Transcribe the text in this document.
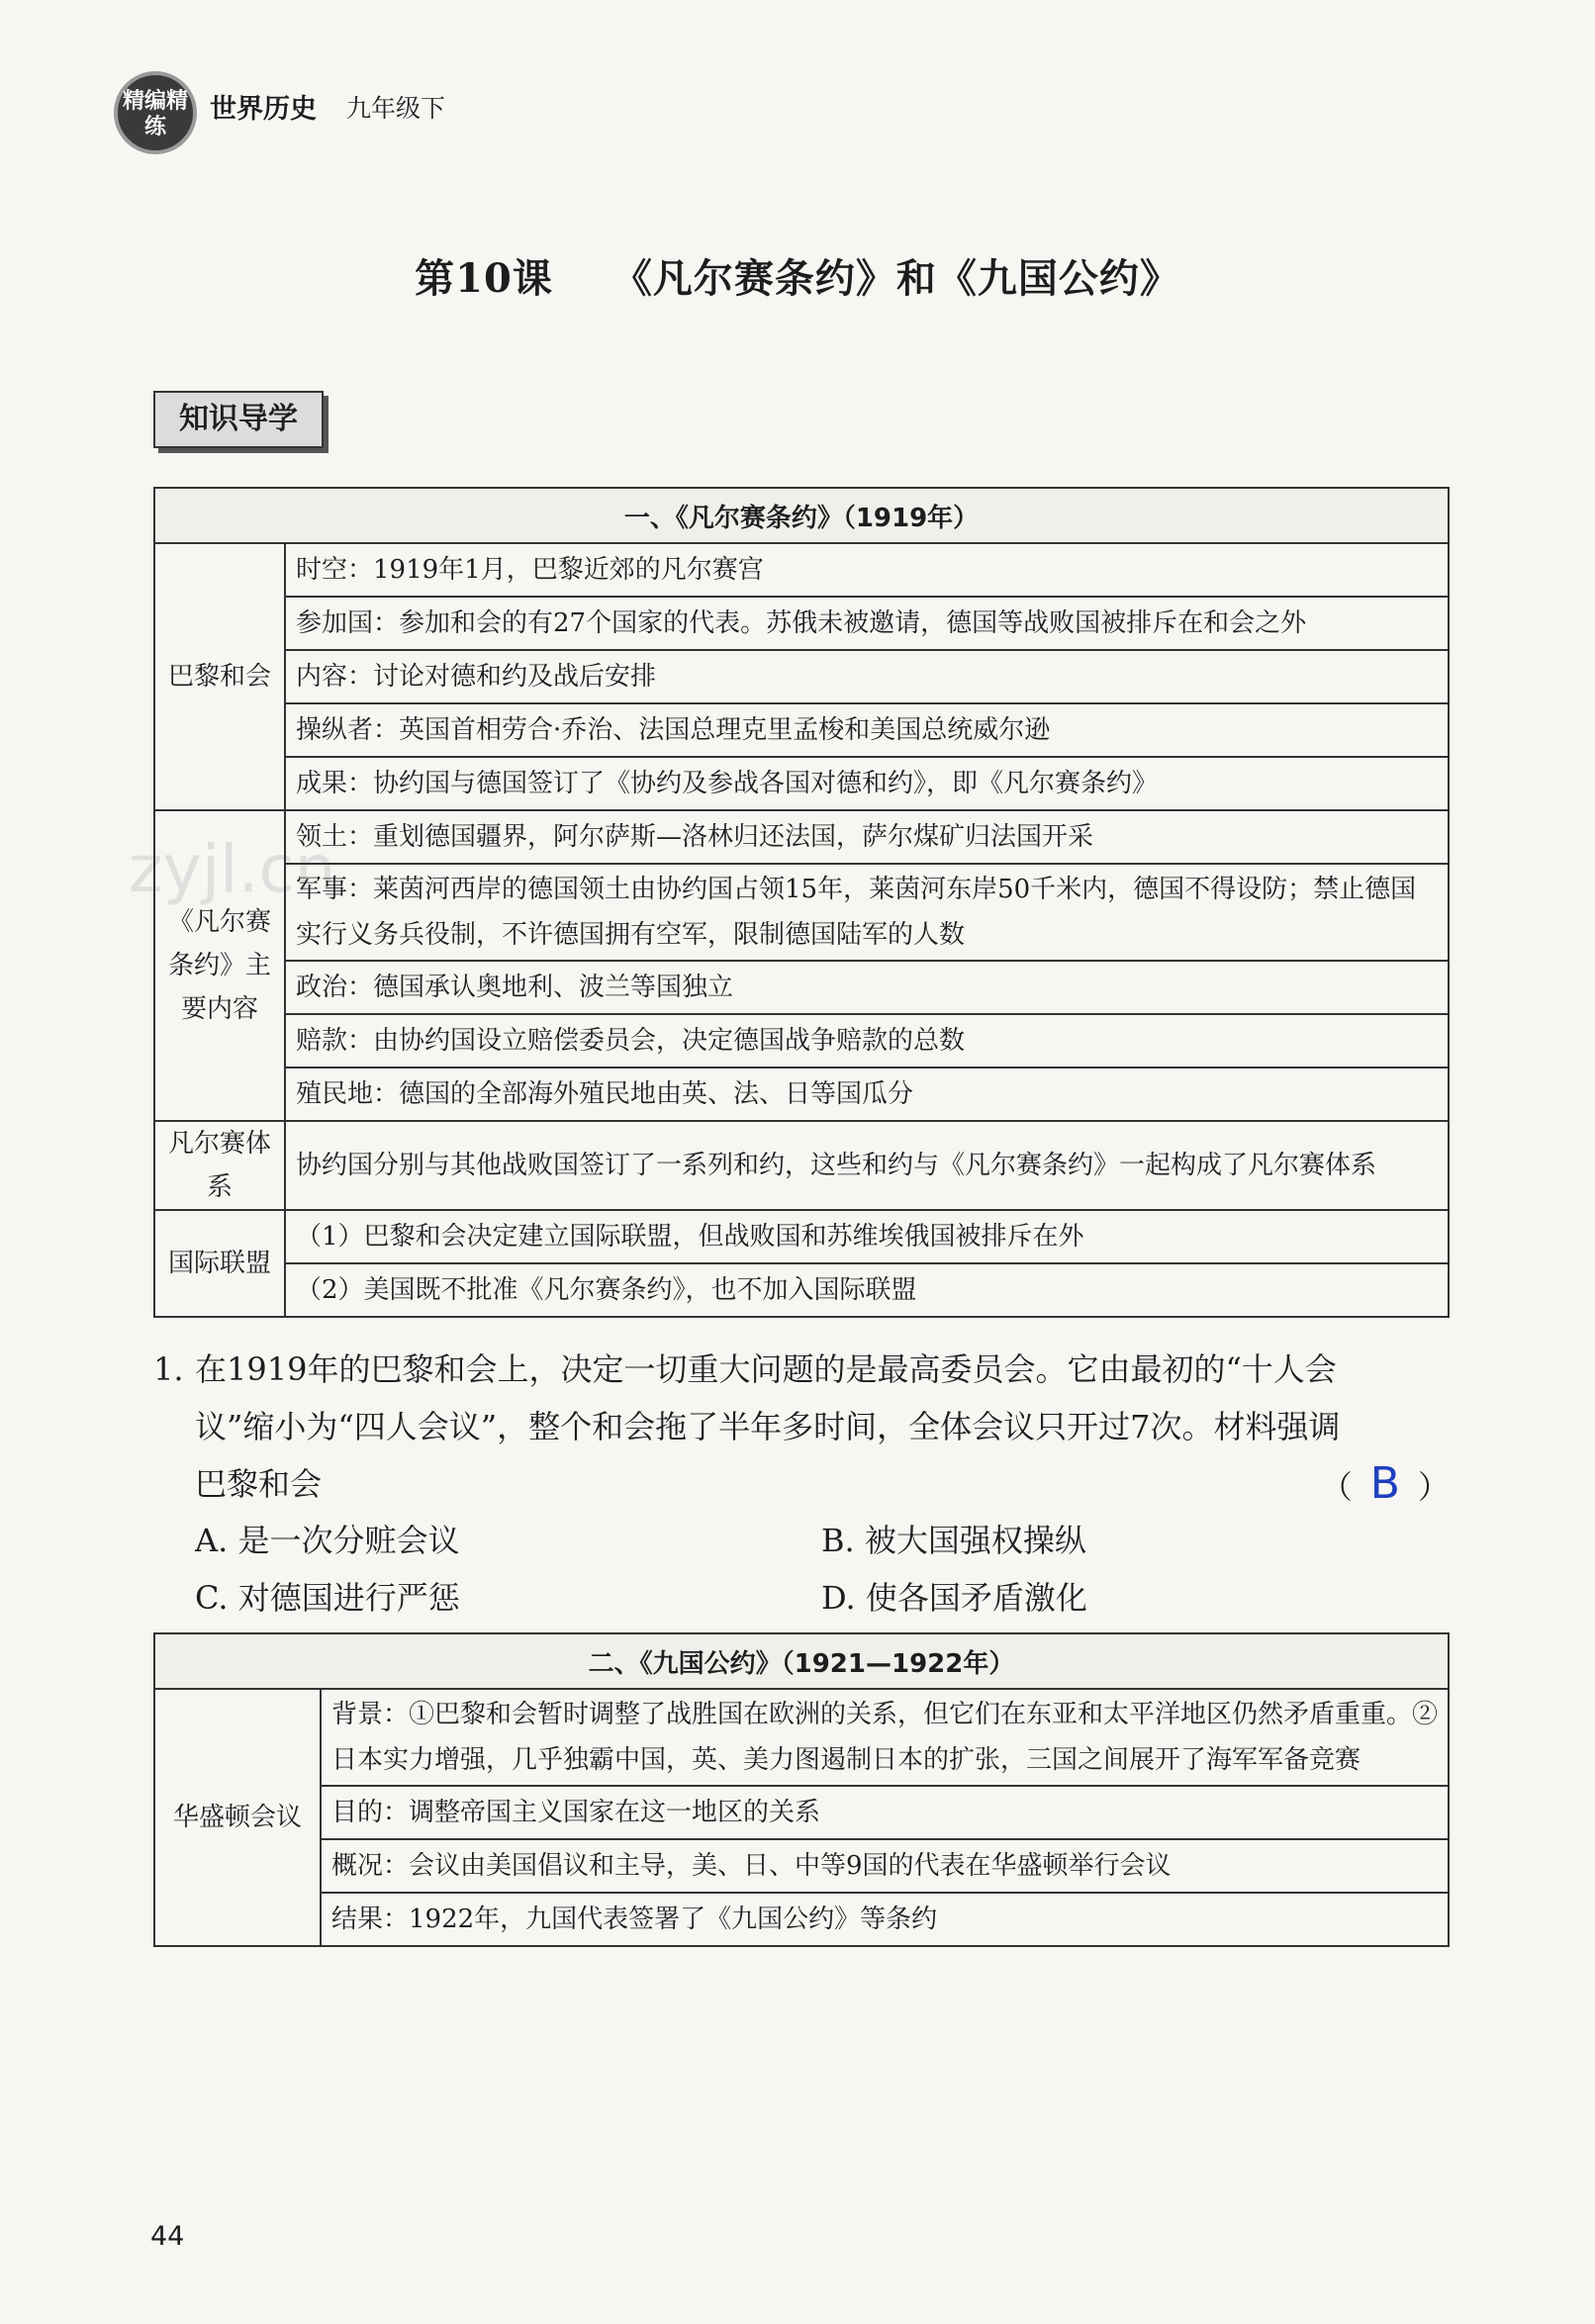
精编精练
世界历史 九年级下
第10课 《凡尔赛条约》和《九国公约》
知识导学
zyjl.cn
一、《凡尔赛条约》（1919年）	
巴黎和会	时空：1919年1月，巴黎近郊的凡尔赛宫
	参加国：参加和会的有27个国家的代表。苏俄未被邀请，德国等战败国被排斥在和会之外
	内容：讨论对德和约及战后安排
	操纵者：英国首相劳合·乔治、法国总理克里孟梭和美国总统威尔逊
	成果：协约国与德国签订了《协约及参战各国对德和约》，即《凡尔赛条约》
《凡尔赛条约》主要内容	领土：重划德国疆界，阿尔萨斯—洛林归还法国，萨尔煤矿归法国开采
	军事：莱茵河西岸的德国领土由协约国占领15年，莱茵河东岸50千米内，德国不得设防；禁止德国实行义务兵役制，不许德国拥有空军，限制德国陆军的人数
	政治：德国承认奥地利、波兰等国独立
	赔款：由协约国设立赔偿委员会，决定德国战争赔款的总数
	殖民地：德国的全部海外殖民地由英、法、日等国瓜分
凡尔赛体系	协约国分别与其他战败国签订了一系列和约，这些和约与《凡尔赛条约》一起构成了凡尔赛体系
国际联盟	（1）巴黎和会决定建立国际联盟，但战败国和苏维埃俄国被排斥在外
	（2）美国既不批准《凡尔赛条约》，也不加入国际联盟
1. 在1919年的巴黎和会上，决定一切重大问题的是最高委员会。它由最初的“十人会
议”缩小为“四人会议”，整个和会拖了半年多时间，全体会议只开过7次。材料强调
巴黎和会	（ B ）
A. 是一次分赃会议	B. 被大国强权操纵
C. 对德国进行严惩	D. 使各国矛盾激化
二、《九国公约》（1921—1922年）
华盛顿会议	背景：①巴黎和会暂时调整了战胜国在欧洲的关系，但它们在东亚和太平洋地区仍然矛盾重重。②日本实力增强，几乎独霸中国，英、美力图遏制日本的扩张，三国之间展开了海军军备竞赛
目的：调整帝国主义国家在这一地区的关系
概况：会议由美国倡议和主导，美、日、中等9国的代表在华盛顿举行会议
结果：1922年，九国代表签署了《九国公约》等条约
44
